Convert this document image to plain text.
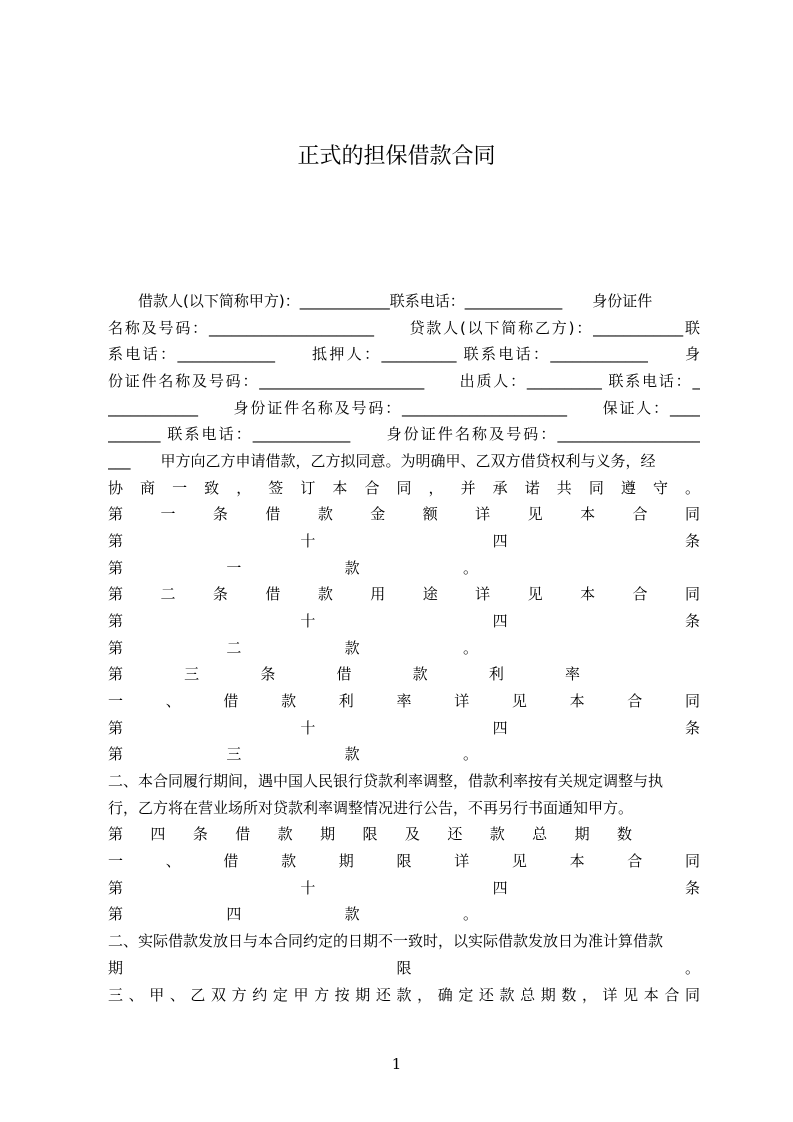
正式的担保借款合同
　　借款人(以下简称甲方)：____________联系电话：_____________　　身份证件
名称及号码：______________________　　贷款人(以下简称乙方)：____________联
系电话：_____________　　抵押人：__________ 联系电话：_____________　　身
份证件名称及号码：______________________　　出质人：__________ 联系电话：_
____________　　身份证件名称及号码：______________________　　保证人：____
_______ 联系电话：_____________　　身份证件名称及号码：___________________
___　　甲方向乙方申请借款，乙方拟同意。为明确甲、乙双方借贷权利与义务，经
协 商 一 致 ， 签 订 本 合 同 ， 并 承 诺 共 同 遵 守 。
第 一 条 借 款 金 额 详 见 本 合 同
第 十 四 条
第 一 款 。
第 二 条 借 款 用 途 详 见 本 合 同
第 十 四 条
第 二 款 。
第 三 条 借 款 利 率
一 、 借 款 利 率 详 见 本 合 同
第 十 四 条
第 三 款 。
二、本合同履行期间，遇中国人民银行贷款利率调整，借款利率按有关规定调整与执
行，乙方将在营业场所对贷款利率调整情况进行公告，不再另行书面通知甲方。
第 四 条 借 款 期 限 及 还 款 总 期 数
一 、 借 款 期 限 详 见 本 合 同
第 十 四 条
第 四 款 。
二、实际借款发放日与本合同约定的日期不一致时，以实际借款发放日为准计算借款
期 限 。
三、甲、乙双方约定甲方按期还款，确定还款总期数，详见本合同
1
